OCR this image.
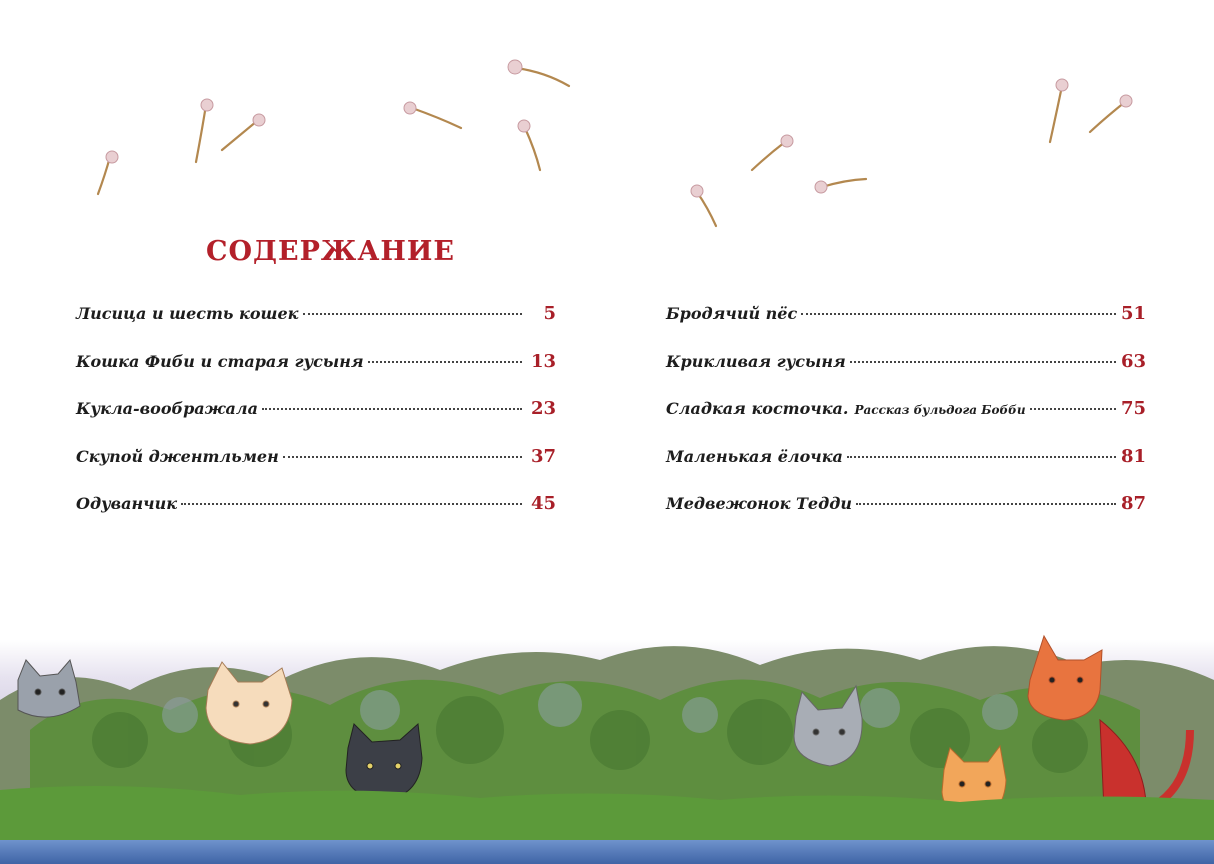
СОДЕРЖАНИЕ
Лисица и шесть кошек	5
Кошка Фиби и старая гусыня	13
Кукла-воображала	23
Скупой джентльмен	37
Одуванчик	45
Бродячий пёс	51
Крикливая гусыня	63
Сладкая косточка. Рассказ бульдога Бобби	75
Маленькая ёлочка	81
Медвежонок Тедди	87
